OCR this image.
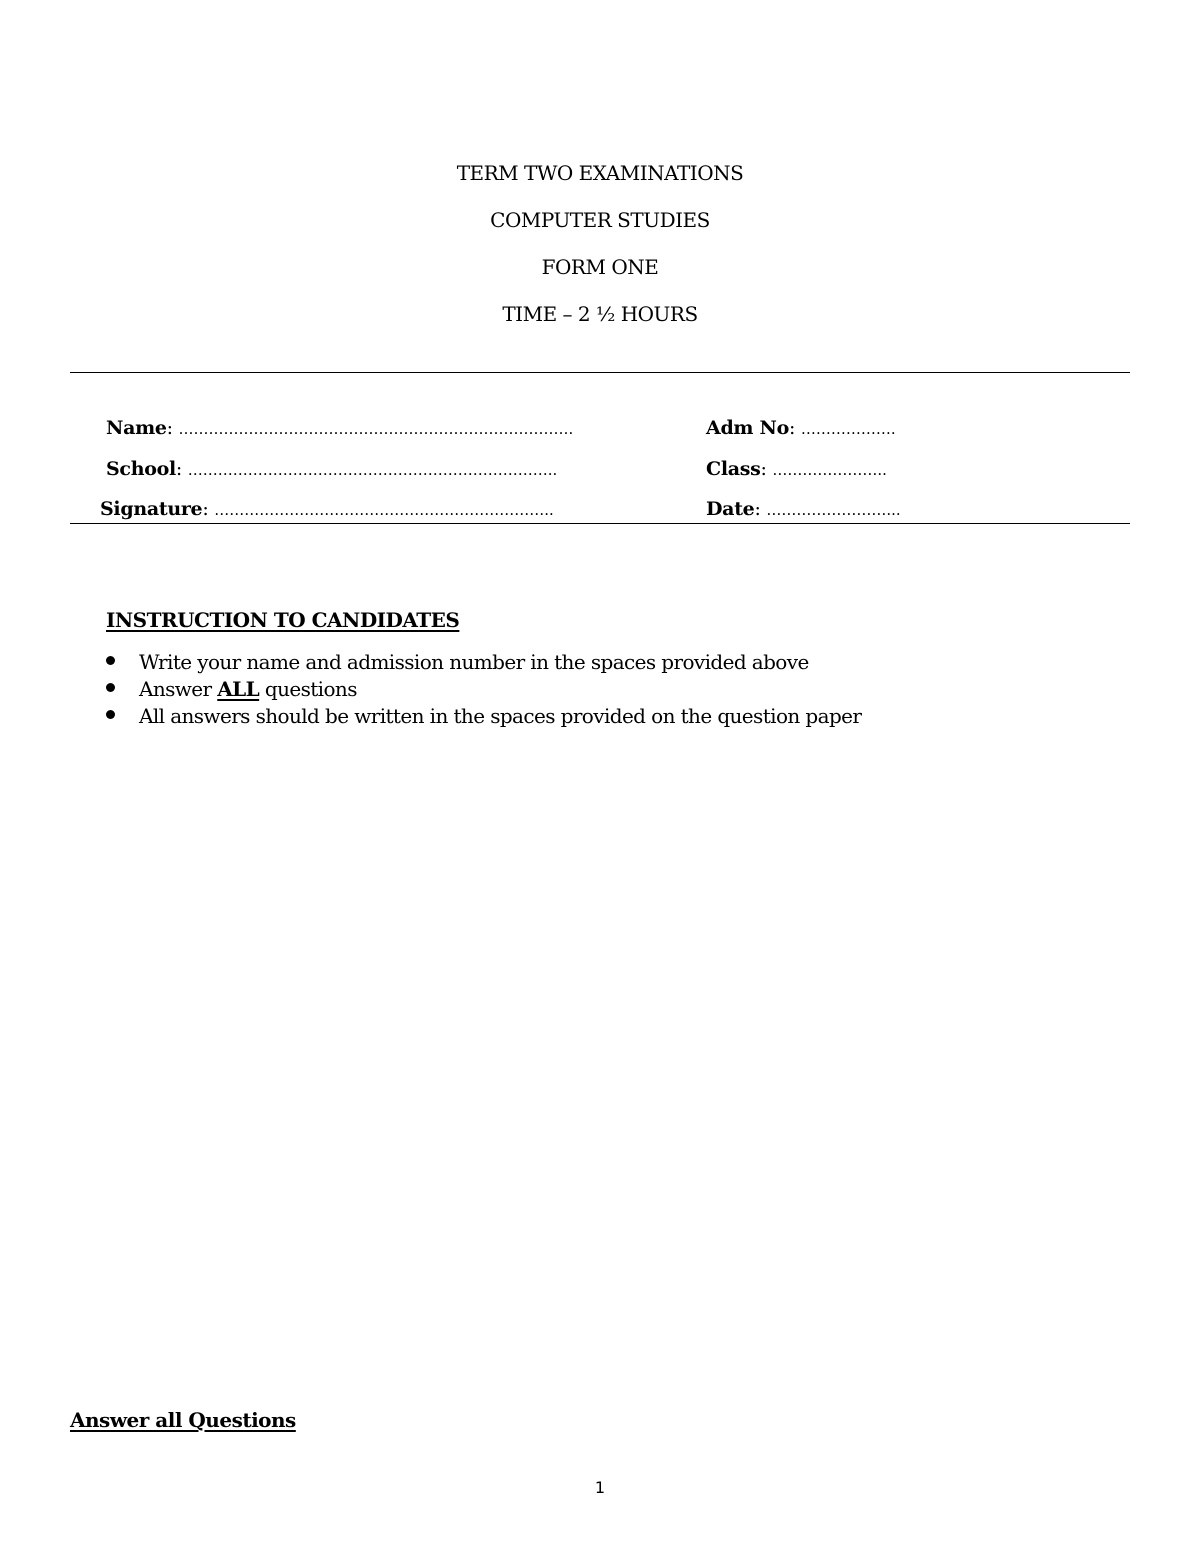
TERM TWO EXAMINATIONS
COMPUTER STUDIES
FORM ONE
TIME – 2 ½ HOURS
Name: …………………………………………………………………….	Adm No: ……………….
School: ………………………………………………………………..	Class: …………………..
Signature: …………………………………………………………..	Date: ……………………...
INSTRUCTION TO CANDIDATES
Write your name and admission number in the spaces provided above
Answer ALL questions
All answers should be written in the spaces provided on the question paper
Answer all Questions
1
